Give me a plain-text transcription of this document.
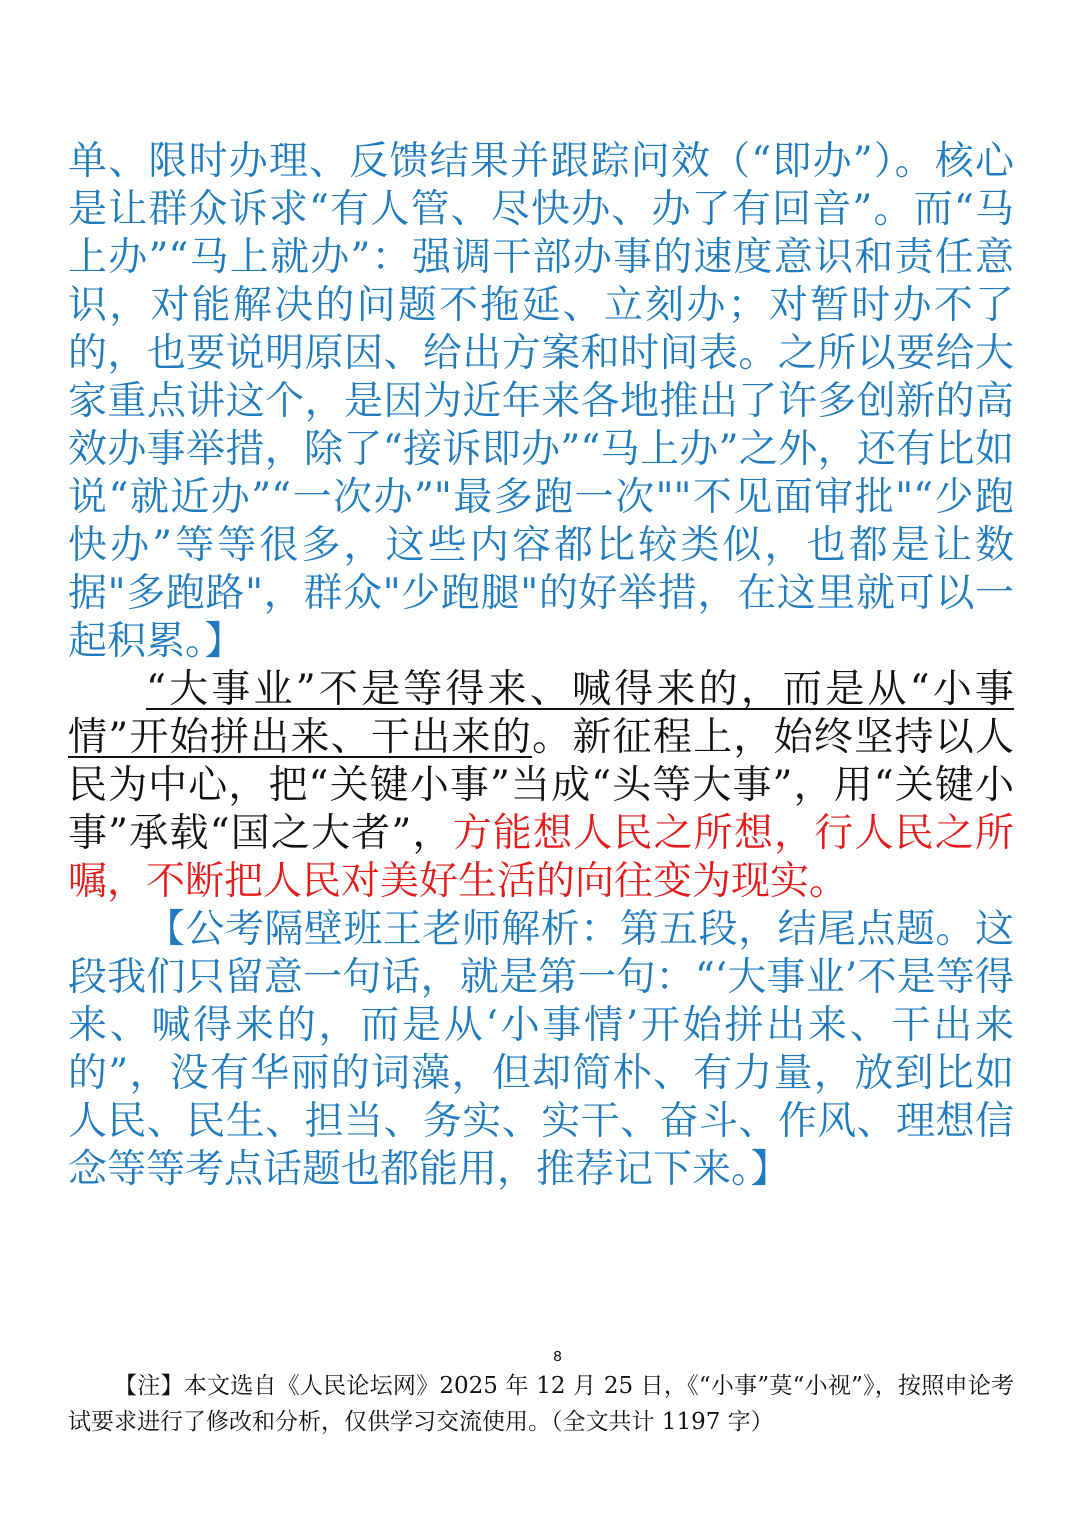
单、限时办理、反馈结果并跟踪问效（“即办”）。核心是让群众诉求“有人管、尽快办、办了有回音”。而“马上办”“马上就办”：强调干部办事的速度意识和责任意识，对能解决的问题不拖延、立刻办；对暂时办不了的，也要说明原因、给出方案和时间表。之所以要给大家重点讲这个，是因为近年来各地推出了许多创新的高效办事举措，除了“接诉即办”“马上办”之外，还有比如说“就近办”“一次办”"最多跑一次""不见面审批"“少跑快办”等等很多，这些内容都比较类似，也都是让数据"多跑路"，群众"少跑腿"的好举措，在这里就可以一起积累。】

“大事业”不是等得来、喊得来的，而是从“小事情”开始拼出来、干出来的。新征程上，始终坚持以人民为中心，把“关键小事”当成“头等大事”，用“关键小事”承载“国之大者”，方能想人民之所想，行人民之所嘱，不断把人民对美好生活的向往变为现实。

【公考隔壁班王老师解析：第五段，结尾点题。这段我们只留意一句话，就是第一句：“‘大事业’不是等得来、喊得来的，而是从‘小事情’开始拼出来、干出来的”，没有华丽的词藻，但却简朴、有力量，放到比如人民、民生、担当、务实、实干、奋斗、作风、理想信念等等考点话题也都能用，推荐记下来。】

8

【注】本文选自《人民论坛网》2025 年 12 月 25 日，《“小事”莫“小视”》，按照申论考试要求进行了修改和分析，仅供学习交流使用。（全文共计 1197 字）
